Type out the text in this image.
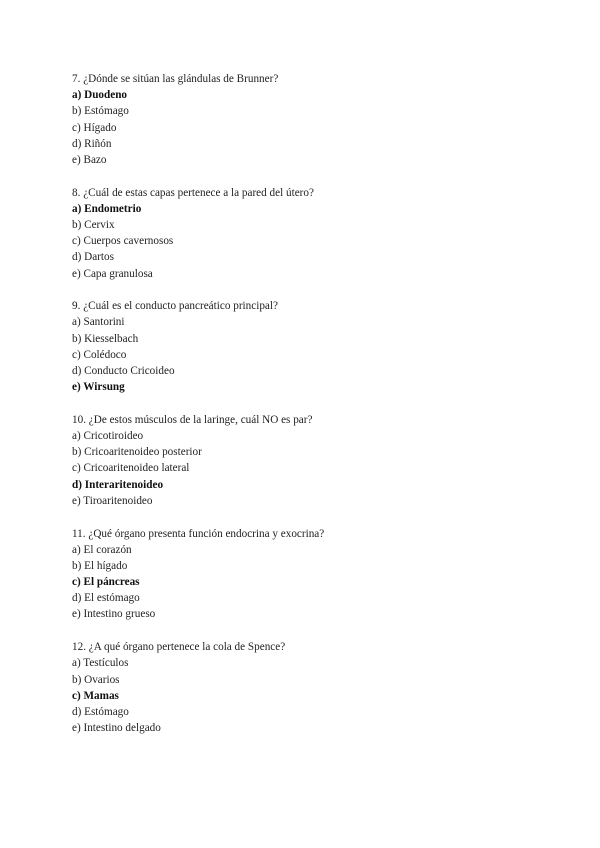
7. ¿Dónde se sitúan las glándulas de Brunner?
a) Duodeno
b) Estómago
c) Hígado
d) Riñón
e) Bazo
8. ¿Cuál de estas capas pertenece a la pared del útero?
a) Endometrio
b) Cervix
c) Cuerpos cavernosos
d) Dartos
e) Capa granulosa
9. ¿Cuál es el conducto pancreático principal?
a) Santorini
b) Kiesselbach
c) Colédoco
d) Conducto Cricoideo
e) Wirsung
10. ¿De estos músculos de la laringe, cuál NO es par?
a) Cricotiroideo
b) Cricoaritenoideo posterior
c) Cricoaritenoideo lateral
d) Interaritenoideo
e) Tiroaritenoideo
11. ¿Qué órgano presenta función endocrina y exocrina?
a) El corazón
b) El hígado
c) El páncreas
d) El estómago
e) Intestino grueso
12. ¿A qué órgano pertenece la cola de Spence?
a) Testículos
b) Ovarios
c) Mamas
d) Estómago
e) Intestino delgado
